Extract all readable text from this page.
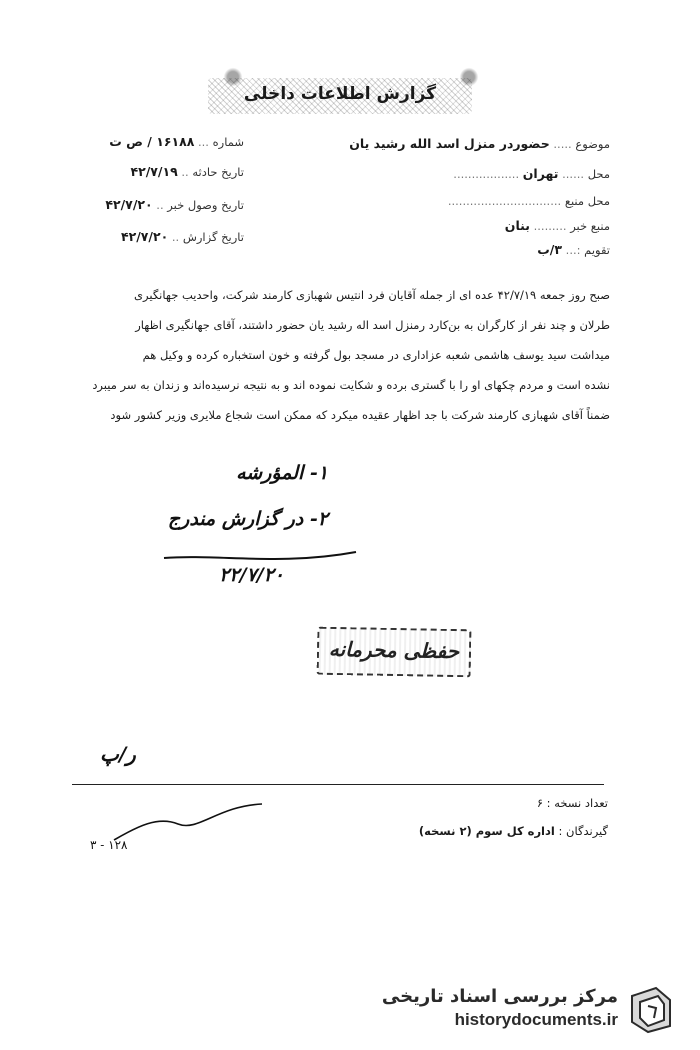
گزارش اطلاعات داخلی
موضوع ..... حضوردر منزل اسد الله رشید یان
محل ...... تهران ..................
محل منبع ...............................
منبع خبر ......... بنان
تقویم :... ۳/ب
شماره ... ۱۶۱۸۸ / ص ت
تاریخ حادثه .. ۴۲/۷/۱۹
تاریخ وصول خبر .. ۴۲/۷/۲۰
تاریخ گزارش .. ۴۲/۷/۲۰

صبح روز جمعه ۴۲/۷/۱۹ عده ای از جمله آقایان فرد انتیس شهبازی کارمند شرکت، واحدیب جهانگیری

طرلان و چند نفر از کارگران به بن‌کارد رمنزل اسد اله رشید یان حضور داشتند، آقای جهانگیری اظهار

میداشت سید یوسف هاشمی شعبه عزاداری در مسجد بول گرفته و خون استخباره کرده و وکیل هم

نشده است و مردم چکهای او را با گستری برده و شکایت نموده اند و به نتیجه نرسیده‌اند و زندان به سر میبرد

ضمناً آقای شهبازی کارمند شرکت با جد اظهار عقیده میکرد که ممکن است شجاع ملایری وزیر کشور شود

۱- المؤرشه
۲- در گزارش مندرج
۲۲/۷/۲۰
حفظی محرمانه
ر/پ
تعداد نسخه : ۶
گیرندگان : اداره کل سوم (۲ نسخه)
۱۲۸ - ۳
مرکز بررسی اسناد تاریخی
historydocuments.ir
